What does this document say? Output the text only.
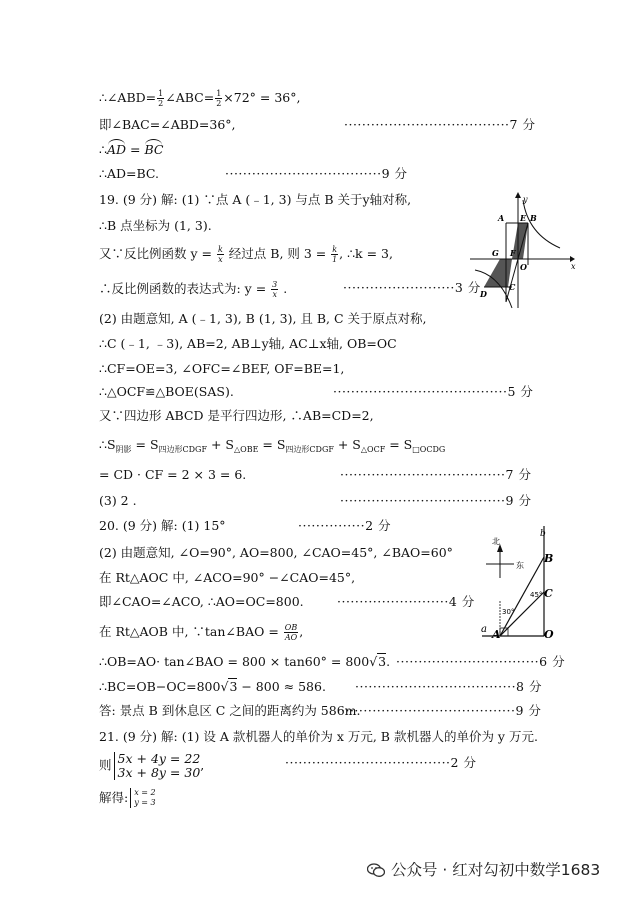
∴∠ABD= $\frac{1}{2}$ ∠ABC= $\frac{1}{2} \times 72^\circ = 36^\circ$,
即∠BAC=∠ABD=36°,	·····································7 分
∴AD = BC
∴AD=BC.	···································9 分
19. (9 分) 解: (1) ∵点 A (﹣1, 3) 与点 B 关于y轴对称,
∴B 点坐标为 (1, 3).
又∵反比例函数 $y = \frac{k}{x}$ 经过点 B, 则 $3 = \frac{k}{1}$ , ∴k = 3,
∴反比例函数的表达式为: $y = \frac{3}{x}$ .	·························3 分
(2) 由题意知, A (﹣1, 3), B (1, 3), 且 B, C 关于原点对称,
∴C (﹣1, ﹣3), AB=2, AB⊥y轴, AC⊥x轴, OB=OC
∴CF=OE=3, ∠OFC=∠BEF, OF=BE=1,
∴△OCF≌△BOE(SAS).	·······································5 分
又∵四边形 ABCD 是平行四边形, ∴AB=CD=2,
$\therefore S_{阴影} = S_{四边形CDGF} + S_{\triangle OBE} = S_{四边形CDGF} + S_{\triangle OCF} = S_{□OCDG}$
= CD · CF = 2 × 3 = 6.	·····································7 分
(3) 2 .	·····································9 分
20. (9 分) 解: (1) 15°	···············2 分
(2) 由题意知, ∠O=90°, AO=800, ∠CAO=45°, ∠BAO=60°
在 Rt△AOC 中, ∠ACO=90° −∠CAO=45°,
即∠CAO=∠ACO, ∴AO=OC=800.	·························4 分
在 Rt△AOB 中, ∵tan∠BAO = $\frac{OB}{AO}$ ,
∴OB=AO· tan∠BAO = 800 × tan60° = 800√3. ································6 分
∴BC=OB−OC=800√3 − 800 ≈ 586. ····································8 分
答: 景点 B 到休息区 C 之间的距离约为 586m.
·······································9 分
21. (9 分) 解: (1) 设 A 款机器人的单价为 x 万元, B 款机器人的单价为 y 万元.
则 5x + 4y = 22
3x + 8y = 30 ,	·····································2 分
解得: x = 2
y = 3
y
x
A E B
G F
O
C
D
b
B
北
东
30°
45° C
a A	O
公众号 · 红对勾初中数学1683
